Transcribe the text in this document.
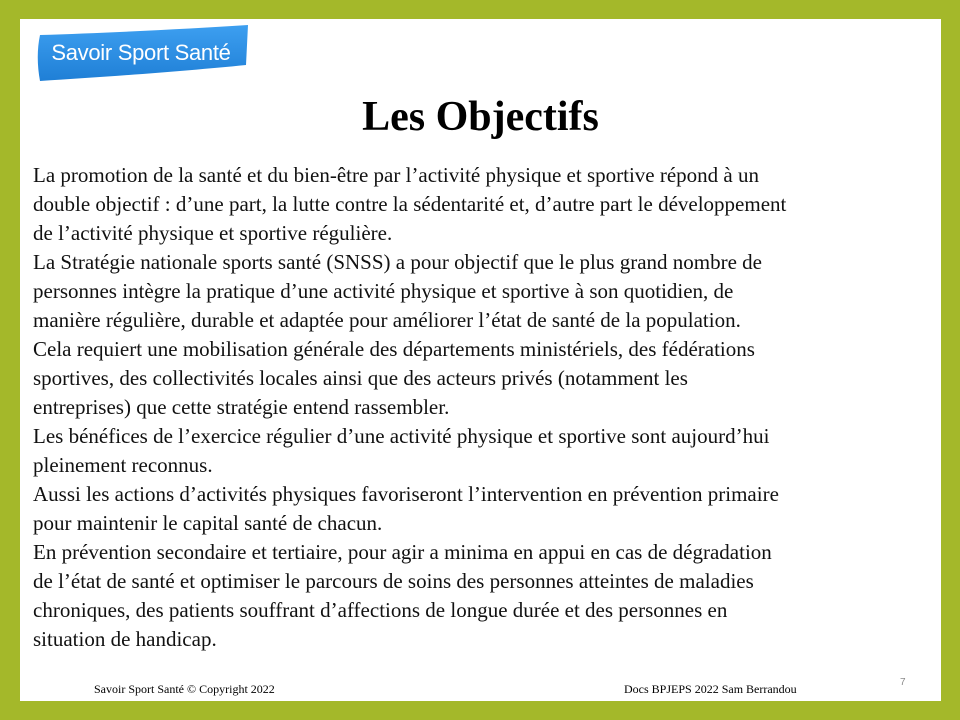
Savoir Sport Santé
Les Objectifs

La promotion de la santé et du bien-être par l’activité physique et sportive répond à un
double objectif : d’une part, la lutte contre la sédentarité et, d’autre part le développement
de l’activité physique et sportive régulière.

La Stratégie nationale sports santé (SNSS) a pour objectif que le plus grand nombre de
personnes intègre la pratique d’une activité physique et sportive à son quotidien, de
manière régulière, durable et adaptée pour améliorer l’état de santé de la population.

Cela requiert une mobilisation générale des départements ministériels, des fédérations
sportives, des collectivités locales ainsi que des acteurs privés (notamment les
entreprises) que cette stratégie entend rassembler.

Les bénéfices de l’exercice régulier d’une activité physique et sportive sont aujourd’hui
pleinement reconnus.

Aussi les actions d’activités physiques favoriseront l’intervention en prévention primaire
pour maintenir le capital santé de chacun.

En prévention secondaire et tertiaire, pour agir a minima en appui en cas de dégradation
de l’état de santé et optimiser le parcours de soins des personnes atteintes de maladies
chroniques, des patients souffrant d’affections de longue durée et des personnes en
situation de handicap.

Savoir Sport Santé © Copyright 2022	Docs BPJEPS 2022 Sam Berrandou	7
